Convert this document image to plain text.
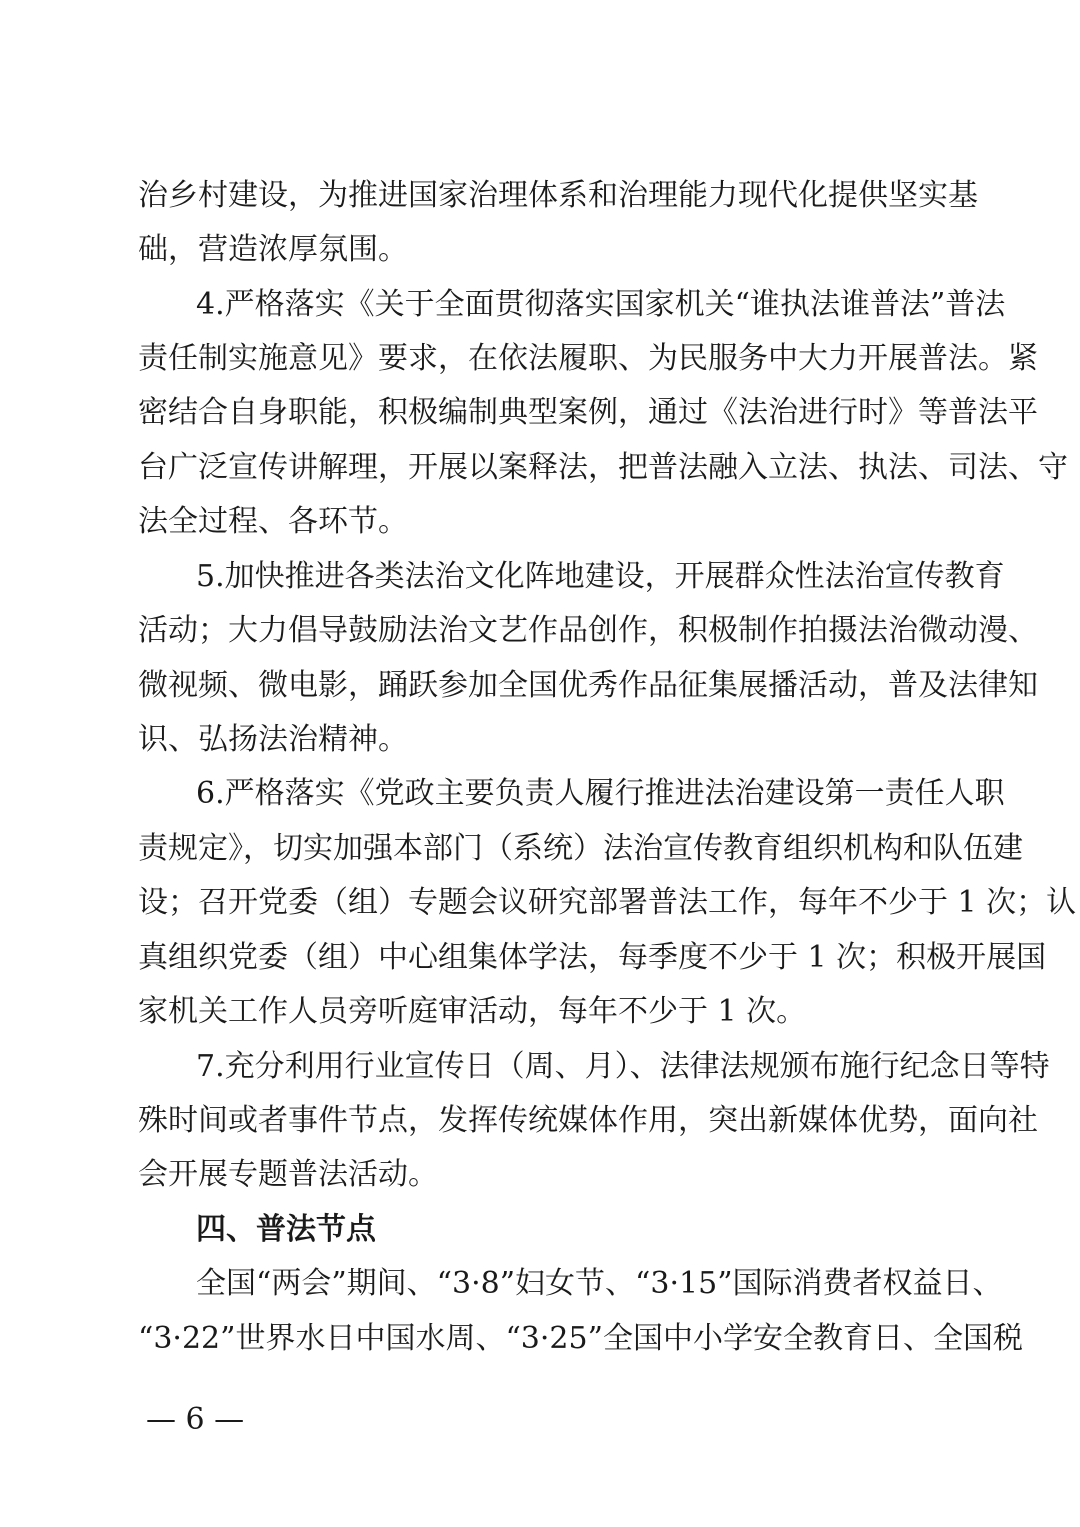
治乡村建设，为推进国家治理体系和治理能力现代化提供坚实基
础，营造浓厚氛围。
4.严格落实《关于全面贯彻落实国家机关“谁执法谁普法”普法
责任制实施意见》要求，在依法履职、为民服务中大力开展普法。紧
密结合自身职能，积极编制典型案例，通过《法治进行时》等普法平
台广泛宣传讲解理，开展以案释法，把普法融入立法、执法、司法、守
法全过程、各环节。
5.加快推进各类法治文化阵地建设，开展群众性法治宣传教育
活动；大力倡导鼓励法治文艺作品创作，积极制作拍摄法治微动漫、
微视频、微电影，踊跃参加全国优秀作品征集展播活动，普及法律知
识、弘扬法治精神。
6.严格落实《党政主要负责人履行推进法治建设第一责任人职
责规定》，切实加强本部门（系统）法治宣传教育组织机构和队伍建
设；召开党委（组）专题会议研究部署普法工作，每年不少于 1 次；认
真组织党委（组）中心组集体学法，每季度不少于 1 次；积极开展国
家机关工作人员旁听庭审活动，每年不少于 1 次。
7.充分利用行业宣传日（周、月）、法律法规颁布施行纪念日等特
殊时间或者事件节点，发挥传统媒体作用，突出新媒体优势，面向社
会开展专题普法活动。
四、普法节点
全国“两会”期间、“3·8”妇女节、“3·15”国际消费者权益日、
“3·22”世界水日中国水周、“3·25”全国中小学安全教育日、全国税
— 6 —
